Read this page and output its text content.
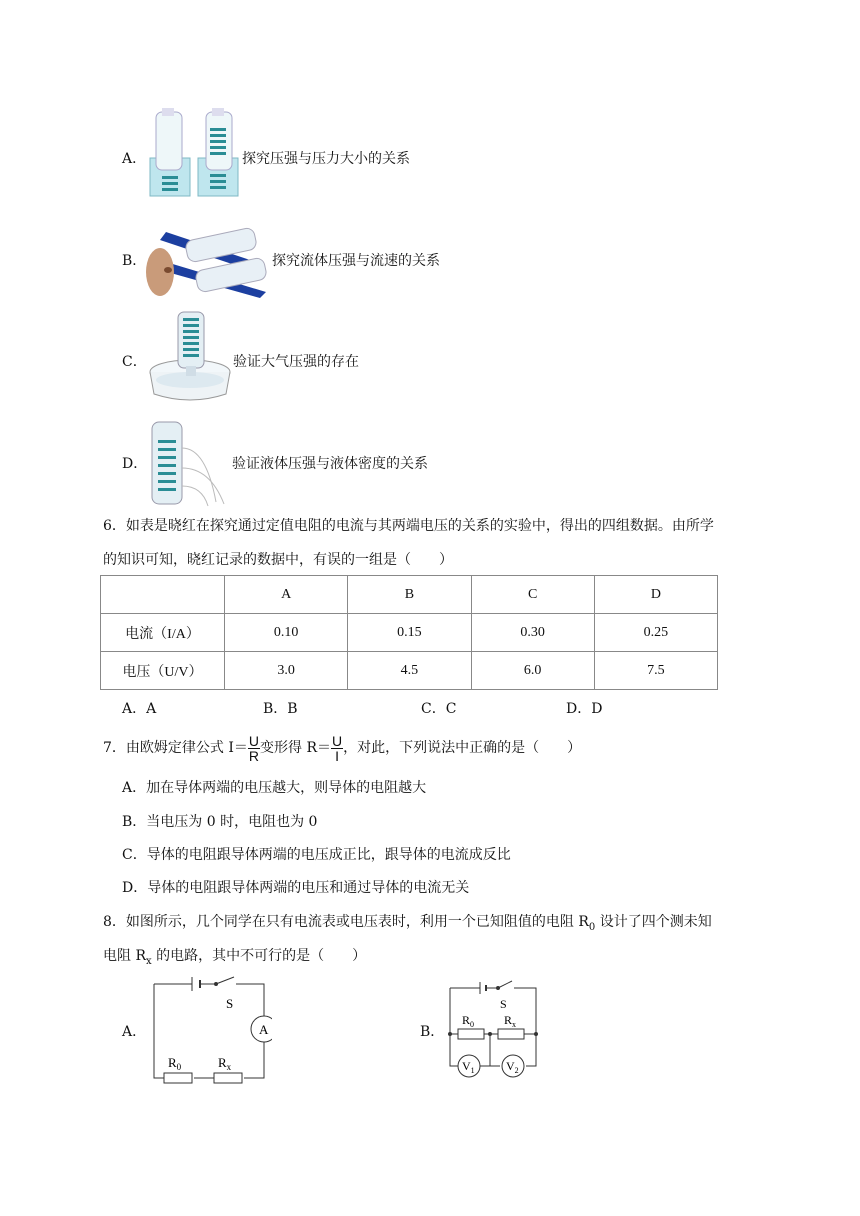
A．	探究压强与压力大小的关系
B．	探究流体压强与流速的关系
C．	验证大气压强的存在
D．	验证液体压强与液体密度的关系
6．如表是晓红在探究通过定值电阻的电流与其两端电压的关系的实验中，得出的四组数据。由所学
的知识可知，晓红记录的数据中，有误的一组是（　　）
	A	B	C	D
电流（I/A）	0.10	0.15	0.30	0.25
电压（U/V）	3.0	4.5	6.0	7.5
A．A	B．B	C．C	D．D
7．由欧姆定律公式 $I= \frac{U}{R}$ 变形得 $R= \frac{U}{I}$ ，对此，下列说法中正确的是（　　）
A．加在导体两端的电压越大，则导体的电阻越大
B．当电压为 0 时，电阻也为 0
C．导体的电阻跟导体两端的电压成正比，跟导体的电流成反比
D．导体的电阻跟导体两端的电压和通过导体的电流无关
8．如图所示，几个同学在只有电流表或电压表时，利用一个已知阻值的电阻 $R_0$ 设计了四个测未知
电阻 $R_x$ 的电路，其中不可行的是（　　）
A．
S
A
$R_0$	$R_x$
B．
S
$R_0$ $R_x$
$V_1$	$V_2$
